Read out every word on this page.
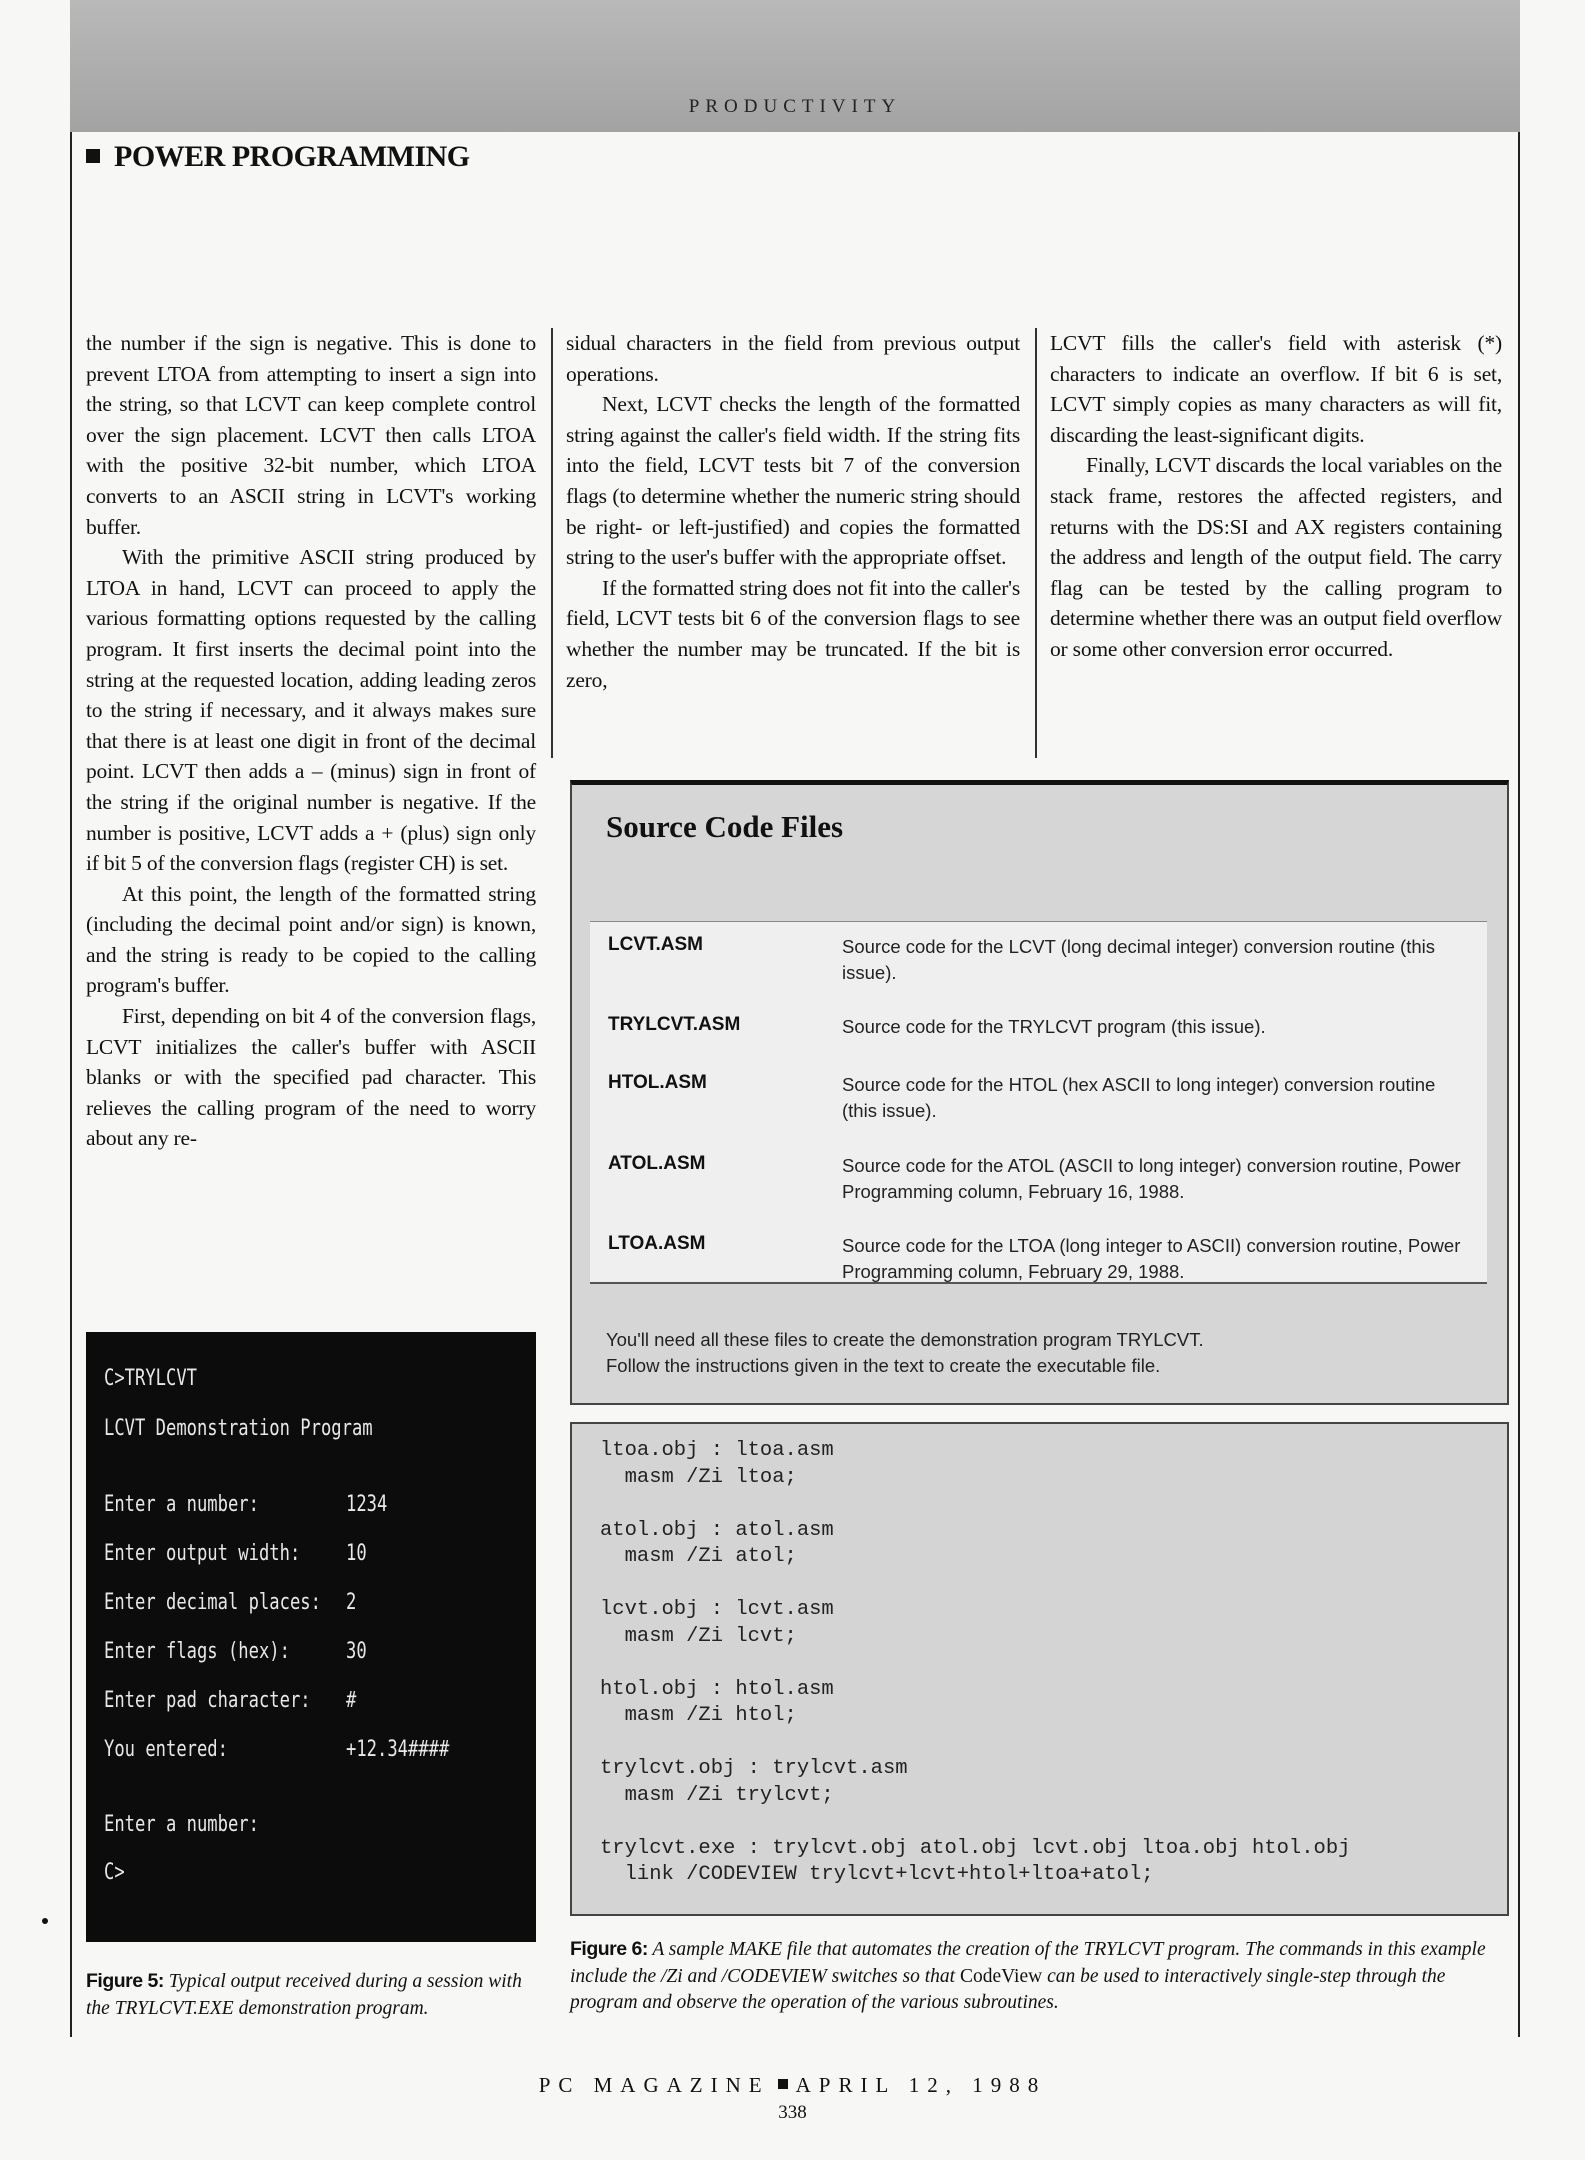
PRODUCTIVITY
POWER PROGRAMMING

the number if the sign is negative. This is done to prevent LTOA from attempting to insert a sign into the string, so that LCVT can keep complete control over the sign placement. LCVT then calls LTOA with the positive 32-bit number, which LTOA converts to an ASCII string in LCVT's working buffer.

With the primitive ASCII string produced by LTOA in hand, LCVT can proceed to apply the various formatting options requested by the calling program. It first inserts the decimal point into the string at the requested location, adding leading zeros to the string if necessary, and it always makes sure that there is at least one digit in front of the decimal point. LCVT then adds a – (minus) sign in front of the string if the original number is negative. If the number is positive, LCVT adds a + (plus) sign only if bit 5 of the conversion flags (register CH) is set.

At this point, the length of the formatted string (including the decimal point and/or sign) is known, and the string is ready to be copied to the calling program's buffer.

First, depending on bit 4 of the conversion flags, LCVT initializes the caller's buffer with ASCII blanks or with the specified pad character. This relieves the calling program of the need to worry about any re-

sidual characters in the field from previous output operations.

Next, LCVT checks the length of the formatted string against the caller's field width. If the string fits into the field, LCVT tests bit 7 of the conversion flags (to determine whether the numeric string should be right- or left-justified) and copies the formatted string to the user's buffer with the appropriate offset.

If the formatted string does not fit into the caller's field, LCVT tests bit 6 of the conversion flags to see whether the number may be truncated. If the bit is zero,

LCVT fills the caller's field with asterisk (*) characters to indicate an overflow. If bit 6 is set, LCVT simply copies as many characters as will fit, discarding the least-significant digits.

Finally, LCVT discards the local variables on the stack frame, restores the affected registers, and returns with the DS:SI and AX registers containing the address and length of the output field. The carry flag can be tested by the calling program to determine whether there was an output field overflow or some other conversion error occurred.

Source Code Files
LCVT.ASM	Source code for the LCVT (long decimal integer) conversion routine (this issue).
TRYLCVT.ASM	Source code for the TRYLCVT program (this issue).
HTOL.ASM	Source code for the HTOL (hex ASCII to long integer) conversion routine (this issue).
ATOL.ASM	Source code for the ATOL (ASCII to long integer) conversion routine, Power Programming column, February 16, 1988.
LTOA.ASM	Source code for the LTOA (long integer to ASCII) conversion routine, Power Programming column, February 29, 1988.
You'll need all these files to create the demonstration program TRYLCVT.
Follow the instructions given in the text to create the executable file.
ltoa.obj : ltoa.asm
masm /Zi ltoa;

atol.obj : atol.asm
masm /Zi atol;

lcvt.obj : lcvt.asm
masm /Zi lcvt;

htol.obj : htol.asm
masm /Zi htol;

trylcvt.obj : trylcvt.asm
masm /Zi trylcvt;

trylcvt.exe : trylcvt.obj atol.obj lcvt.obj ltoa.obj htol.obj
link /CODEVIEW trylcvt+lcvt+htol+ltoa+atol;
C>TRYLCVT
LCVT Demonstration Program
Enter a number:	1234
Enter output width: 10
Enter decimal places: 2
Enter flags (hex):	30
Enter pad character: #
You entered:	+12.34####
Enter a number:
C>
Figure 5: Typical output received during a session with the TRYLCVT.EXE demonstration program.
Figure 6: A sample MAKE file that automates the creation of the TRYLCVT program. The commands in this example include the /Zi and /CODEVIEW switches so that CodeView can be used to interactively single-step through the program and observe the operation of the various subroutines.
PC MAGAZINE APRIL 12, 1988
338
